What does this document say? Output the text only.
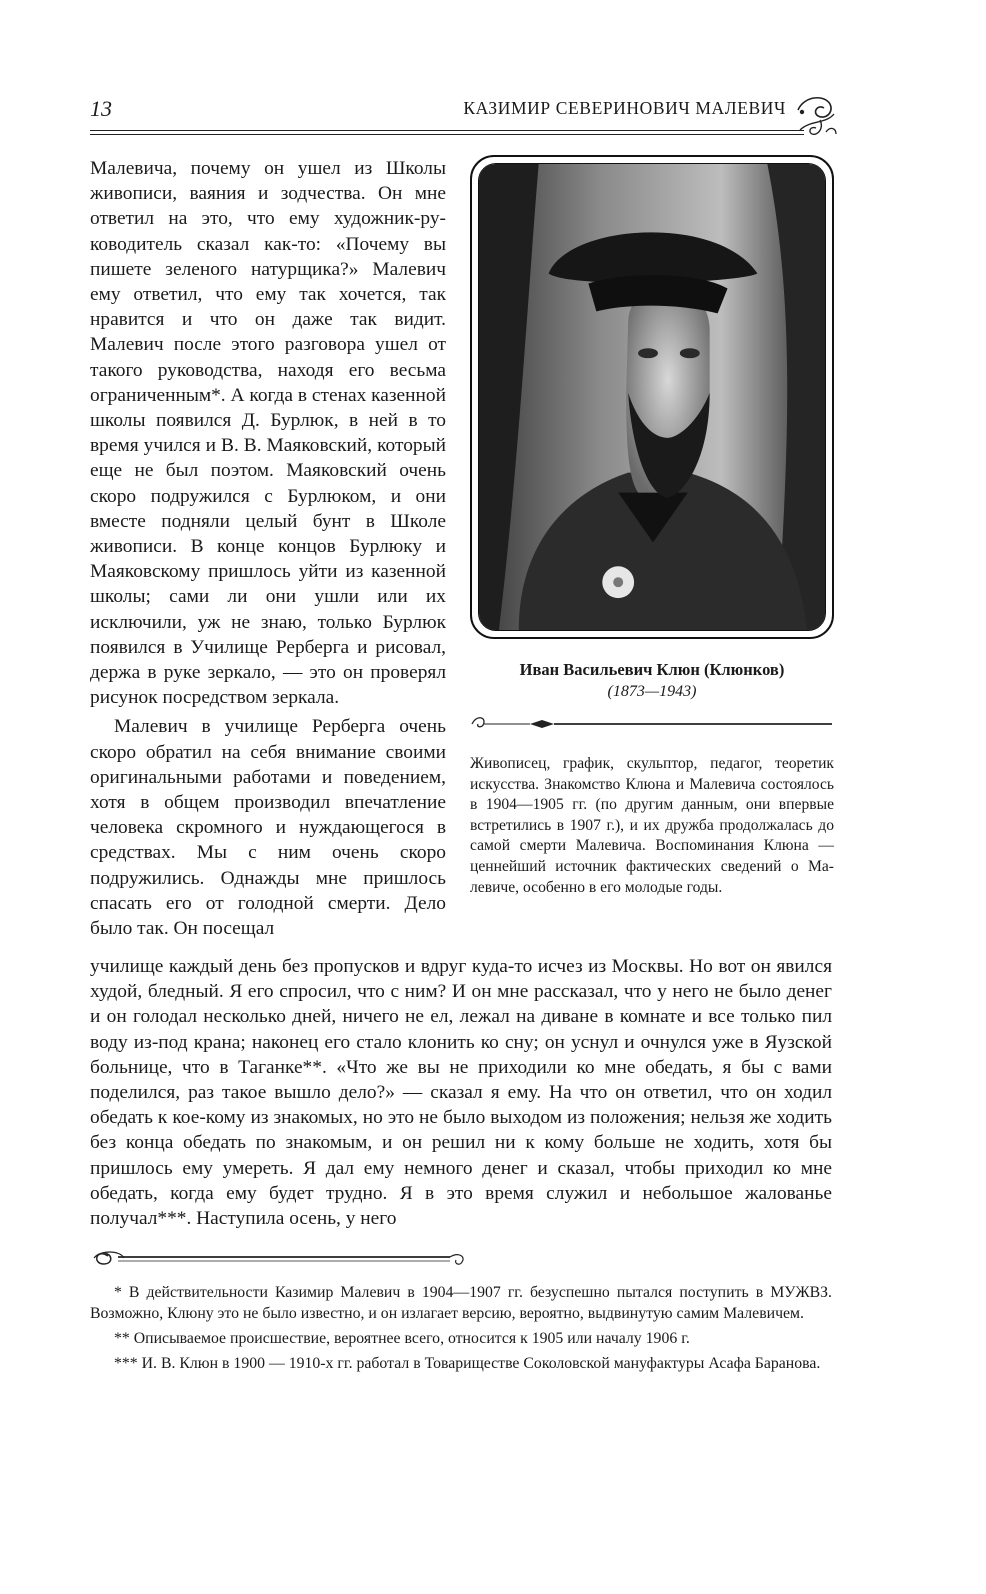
13	КАЗИМИР СЕВЕРИНОВИЧ МАЛЕВИЧ

Малевича, почему он ушел из Школы живописи, ваяния и зодчества. Он мне ответил на это, что ему художник-руководитель сказал как-то: «Почему вы пишете зеленого натурщика?» Малевич ему ответил, что ему так хочется, так нравится и что он даже так видит. Малевич после этого разговора ушел от такого руководства, находя его весьма ограниченным*. А когда в стенах казенной школы появился Д. Бурлюк, в ней в то время учился и В. В. Маяковский, который еще не был поэтом. Маяковский очень скоро подружился с Бурлюком, и они вместе подняли целый бунт в Школе живописи. В конце концов Бурлюку и Маяковскому пришлось уйти из казенной школы; сами ли они ушли или их исключили, уж не знаю, только Бурлюк появился в Училище Рерберга и рисовал, держа в руке зеркало, — это он проверял рисунок посредством зеркала.

Малевич в училище Рерберга очень скоро обратил на себя внимание своими оригинальными работами и поведением, хотя в общем производил впечатление человека скромного и нуждающегося в средствах. Мы с ним очень скоро подружились. Однажды мне пришлось спасать его от голодной смерти. Дело было так. Он посещал

Иван Васильевич Клюн (Клюнков)
(1873—1943)
Живописец, график, скульптор, педагог, теоретик искусства. Знакомство Клюна и Малевича состоялось в 1904—1905 гг. (по другим данным, они впервые встретились в 1907 г.), и их дружба продолжалась до самой смерти Малевича. Воспоминания Клюна — ценнейший источник фактических сведений о Малевиче, особенно в его молодые годы.

училище каждый день без пропусков и вдруг куда-то исчез из Москвы. Но вот он явился худой, бледный. Я его спросил, что с ним? И он мне рассказал, что у него не было денег и он голодал несколько дней, ничего не ел, лежал на диване в комнате и все только пил воду из-под крана; наконец его стало клонить ко сну; он уснул и очнулся уже в Яузской больнице, что в Таганке**. «Что же вы не приходили ко мне обедать, я бы с вами поделился, раз такое вышло дело?» — сказал я ему. На что он ответил, что он ходил обедать к кое-кому из знакомых, но это не было выходом из положения; нельзя же ходить без конца обедать по знакомым, и он решил ни к кому больше не ходить, хотя бы пришлось ему умереть. Я дал ему немного денег и сказал, чтобы приходил ко мне обедать, когда ему будет трудно. Я в это время служил и небольшое жалованье получал***. Наступила осень, у него

* В действительности Казимир Малевич в 1904—1907 гг. безуспешно пытался поступить в МУЖВЗ. Возможно, Клюну это не было известно, и он излагает версию, вероятно, выдвинутую самим Малевичем.

** Описываемое происшествие, вероятнее всего, относится к 1905 или началу 1906 г.

*** И. В. Клюн в 1900 — 1910-х гг. работал в Товариществе Соколовской мануфактуры Асафа Баранова.
